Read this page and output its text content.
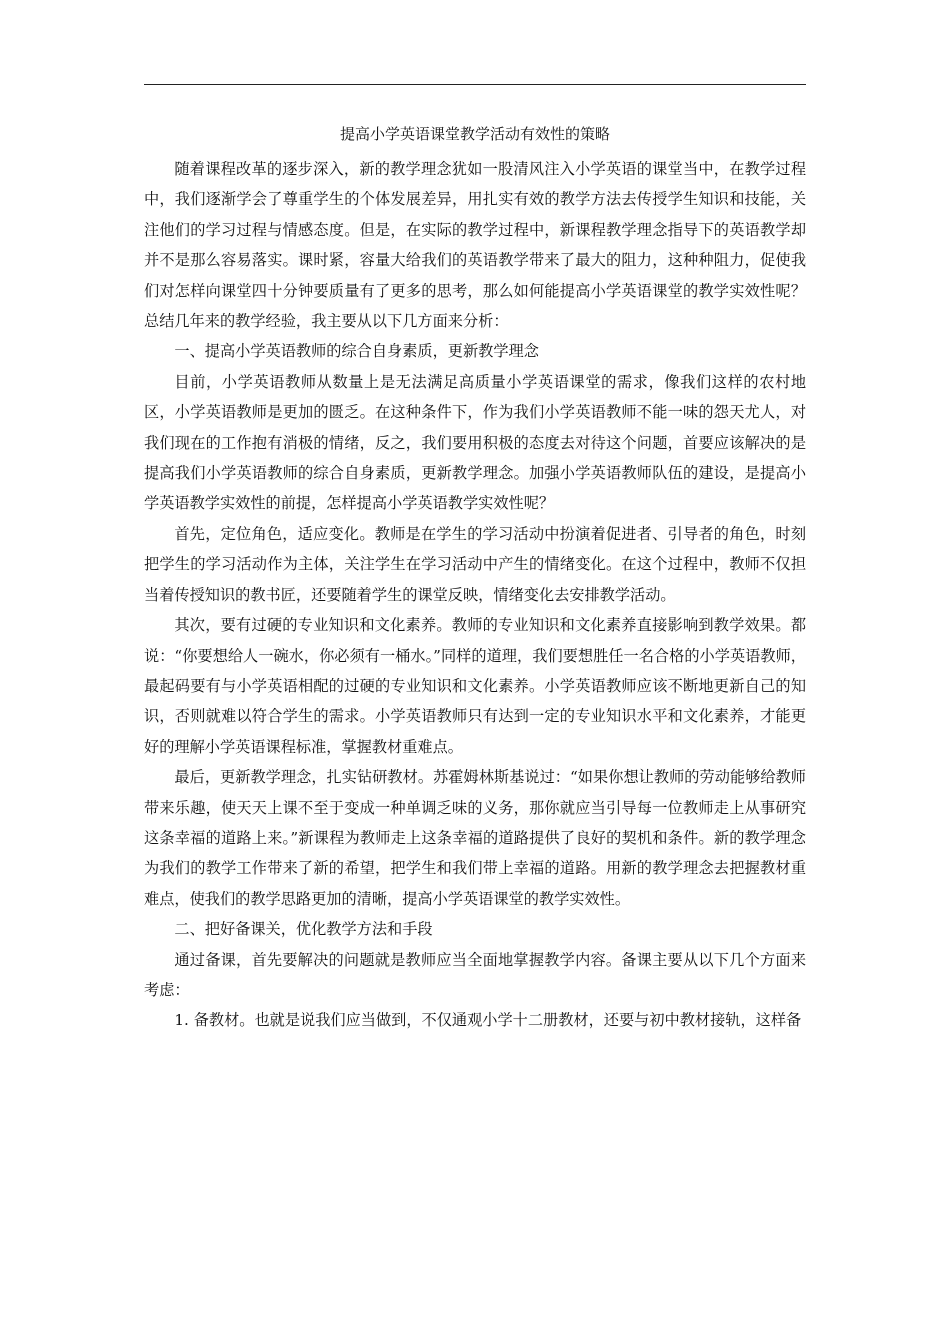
提高小学英语课堂教学活动有效性的策略

随着课程改革的逐步深入，新的教学理念犹如一股清风注入小学英语的课堂当中，在教学过程中，我们逐渐学会了尊重学生的个体发展差异，用扎实有效的教学方法去传授学生知识和技能，关注他们的学习过程与情感态度。但是，在实际的教学过程中，新课程教学理念指导下的英语教学却并不是那么容易落实。课时紧，容量大给我们的英语教学带来了最大的阻力，这种种阻力，促使我们对怎样向课堂四十分钟要质量有了更多的思考，那么如何能提高小学英语课堂的教学实效性呢？总结几年来的教学经验，我主要从以下几方面来分析：

一、提高小学英语教师的综合自身素质，更新教学理念

目前，小学英语教师从数量上是无法满足高质量小学英语课堂的需求，像我们这样的农村地区，小学英语教师是更加的匮乏。在这种条件下，作为我们小学英语教师不能一味的怨天尤人，对我们现在的工作抱有消极的情绪，反之，我们要用积极的态度去对待这个问题，首要应该解决的是提高我们小学英语教师的综合自身素质，更新教学理念。加强小学英语教师队伍的建设，是提高小学英语教学实效性的前提，怎样提高小学英语教学实效性呢？

首先，定位角色，适应变化。教师是在学生的学习活动中扮演着促进者、引导者的角色，时刻把学生的学习活动作为主体，关注学生在学习活动中产生的情绪变化。在这个过程中，教师不仅担当着传授知识的教书匠，还要随着学生的课堂反映，情绪变化去安排教学活动。

其次，要有过硬的专业知识和文化素养。教师的专业知识和文化素养直接影响到教学效果。都说：“你要想给人一碗水，你必须有一桶水。”同样的道理，我们要想胜任一名合格的小学英语教师，最起码要有与小学英语相配的过硬的专业知识和文化素养。小学英语教师应该不断地更新自己的知识，否则就难以符合学生的需求。小学英语教师只有达到一定的专业知识水平和文化素养，才能更好的理解小学英语课程标准，掌握教材重难点。

最后，更新教学理念，扎实钻研教材。苏霍姆林斯基说过：“如果你想让教师的劳动能够给教师带来乐趣，使天天上课不至于变成一种单调乏味的义务，那你就应当引导每一位教师走上从事研究这条幸福的道路上来。”新课程为教师走上这条幸福的道路提供了良好的契机和条件。新的教学理念为我们的教学工作带来了新的希望，把学生和我们带上幸福的道路。用新的教学理念去把握教材重难点，使我们的教学思路更加的清晰，提高小学英语课堂的教学实效性。

二、把好备课关，优化教学方法和手段

通过备课，首先要解决的问题就是教师应当全面地掌握教学内容。备课主要从以下几个方面来考虑：

1. 备教材。也就是说我们应当做到，不仅通观小学十二册教材，还要与初中教材接轨，这样备
